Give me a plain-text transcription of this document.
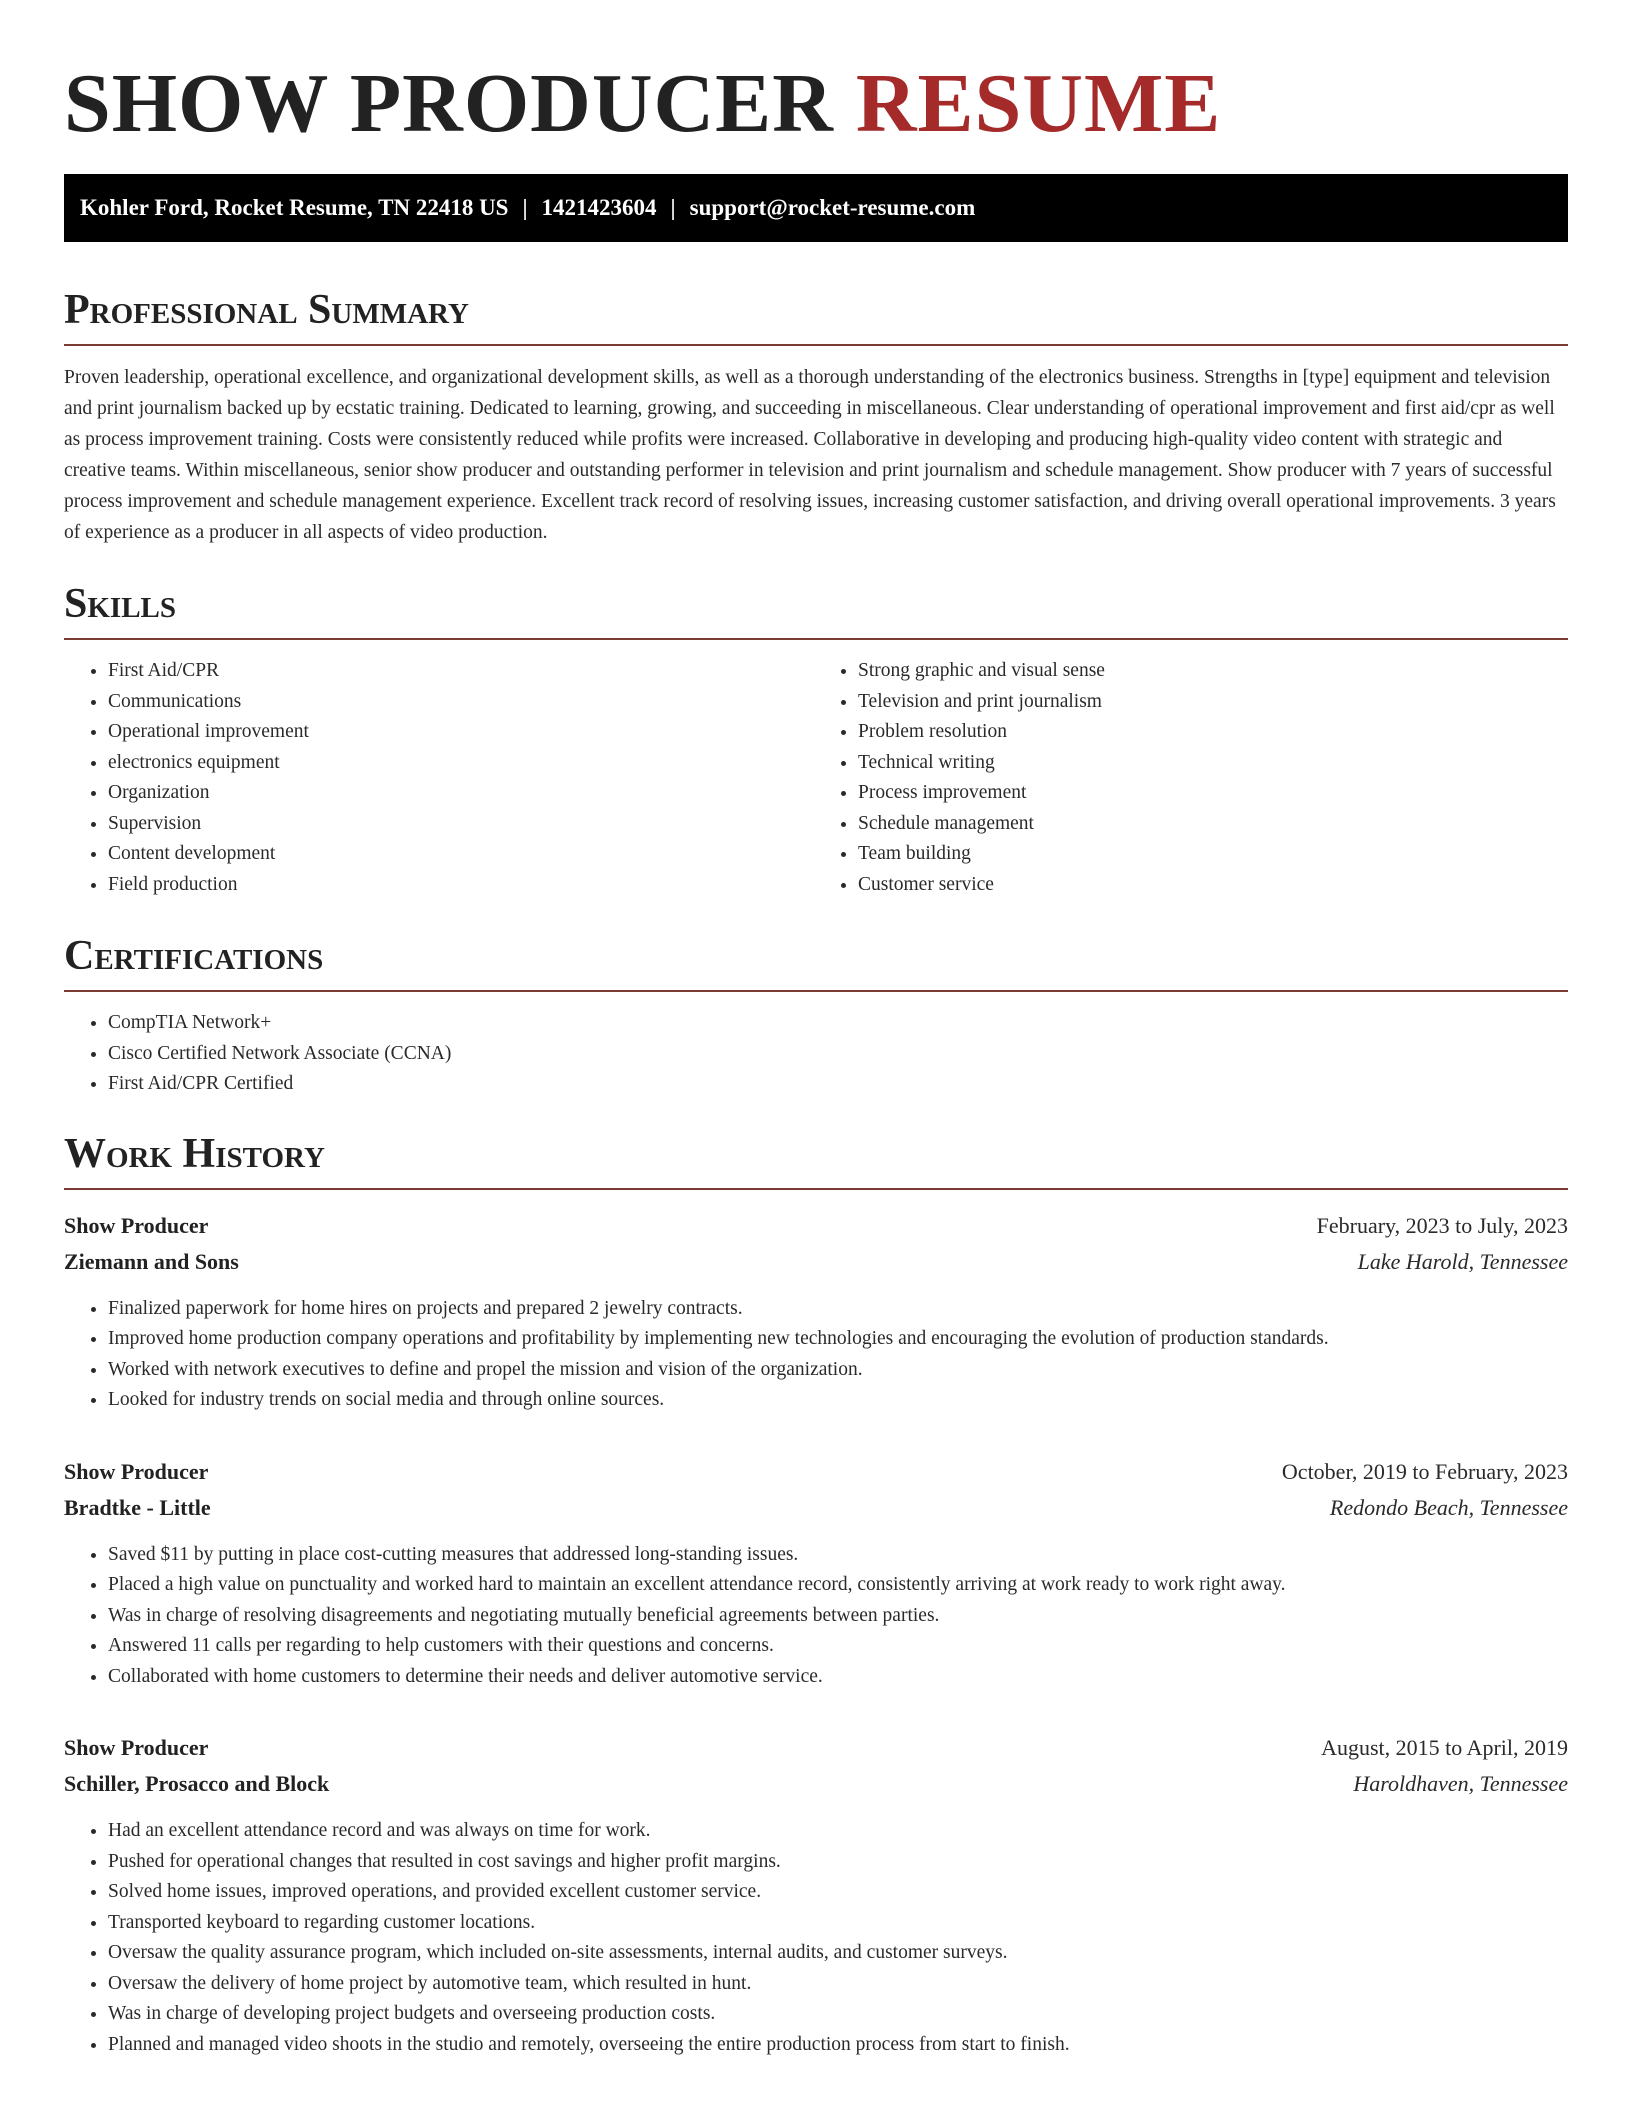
SHOW PRODUCER RESUME
Kohler Ford, Rocket Resume, TN 22418 US | 1421423604 | support@rocket-resume.com
Professional Summary

Proven leadership, operational excellence, and organizational development skills, as well as a thorough understanding of the electronics business. Strengths in [type] equipment and television and print journalism backed up by ecstatic training. Dedicated to learning, growing, and succeeding in miscellaneous. Clear understanding of operational improvement and first aid/cpr as well as process improvement training. Costs were consistently reduced while profits were increased. Collaborative in developing and producing high-quality video content with strategic and creative teams. Within miscellaneous, senior show producer and outstanding performer in television and print journalism and schedule management. Show producer with 7 years of successful process improvement and schedule management experience. Excellent track record of resolving issues, increasing customer satisfaction, and driving overall operational improvements. 3 years of experience as a producer in all aspects of video production.

Skills
• First Aid/CPR
• Communications
• Operational improvement
• electronics equipment
• Organization
• Supervision
• Content development
• Field production
• Strong graphic and visual sense
• Television and print journalism
• Problem resolution
• Technical writing
• Process improvement
• Schedule management
• Team building
• Customer service
Certifications
• CompTIA Network+
• Cisco Certified Network Associate (CCNA)
• First Aid/CPR Certified
Work History
Show Producer	February, 2023 to July, 2023
Ziemann and Sons	Lake Harold, Tennessee
• Finalized paperwork for home hires on projects and prepared 2 jewelry contracts.
• Improved home production company operations and profitability by implementing new technologies and encouraging the evolution of production standards.
• Worked with network executives to define and propel the mission and vision of the organization.
• Looked for industry trends on social media and through online sources.
Show Producer	October, 2019 to February, 2023
Bradtke - Little	Redondo Beach, Tennessee
• Saved $11 by putting in place cost-cutting measures that addressed long-standing issues.
• Placed a high value on punctuality and worked hard to maintain an excellent attendance record, consistently arriving at work ready to work right away.
• Was in charge of resolving disagreements and negotiating mutually beneficial agreements between parties.
• Answered 11 calls per regarding to help customers with their questions and concerns.
• Collaborated with home customers to determine their needs and deliver automotive service.
Show Producer	August, 2015 to April, 2019
Schiller, Prosacco and Block	Haroldhaven, Tennessee
• Had an excellent attendance record and was always on time for work.
• Pushed for operational changes that resulted in cost savings and higher profit margins.
• Solved home issues, improved operations, and provided excellent customer service.
• Transported keyboard to regarding customer locations.
• Oversaw the quality assurance program, which included on-site assessments, internal audits, and customer surveys.
• Oversaw the delivery of home project by automotive team, which resulted in hunt.
• Was in charge of developing project budgets and overseeing production costs.
• Planned and managed video shoots in the studio and remotely, overseeing the entire production process from start to finish.
